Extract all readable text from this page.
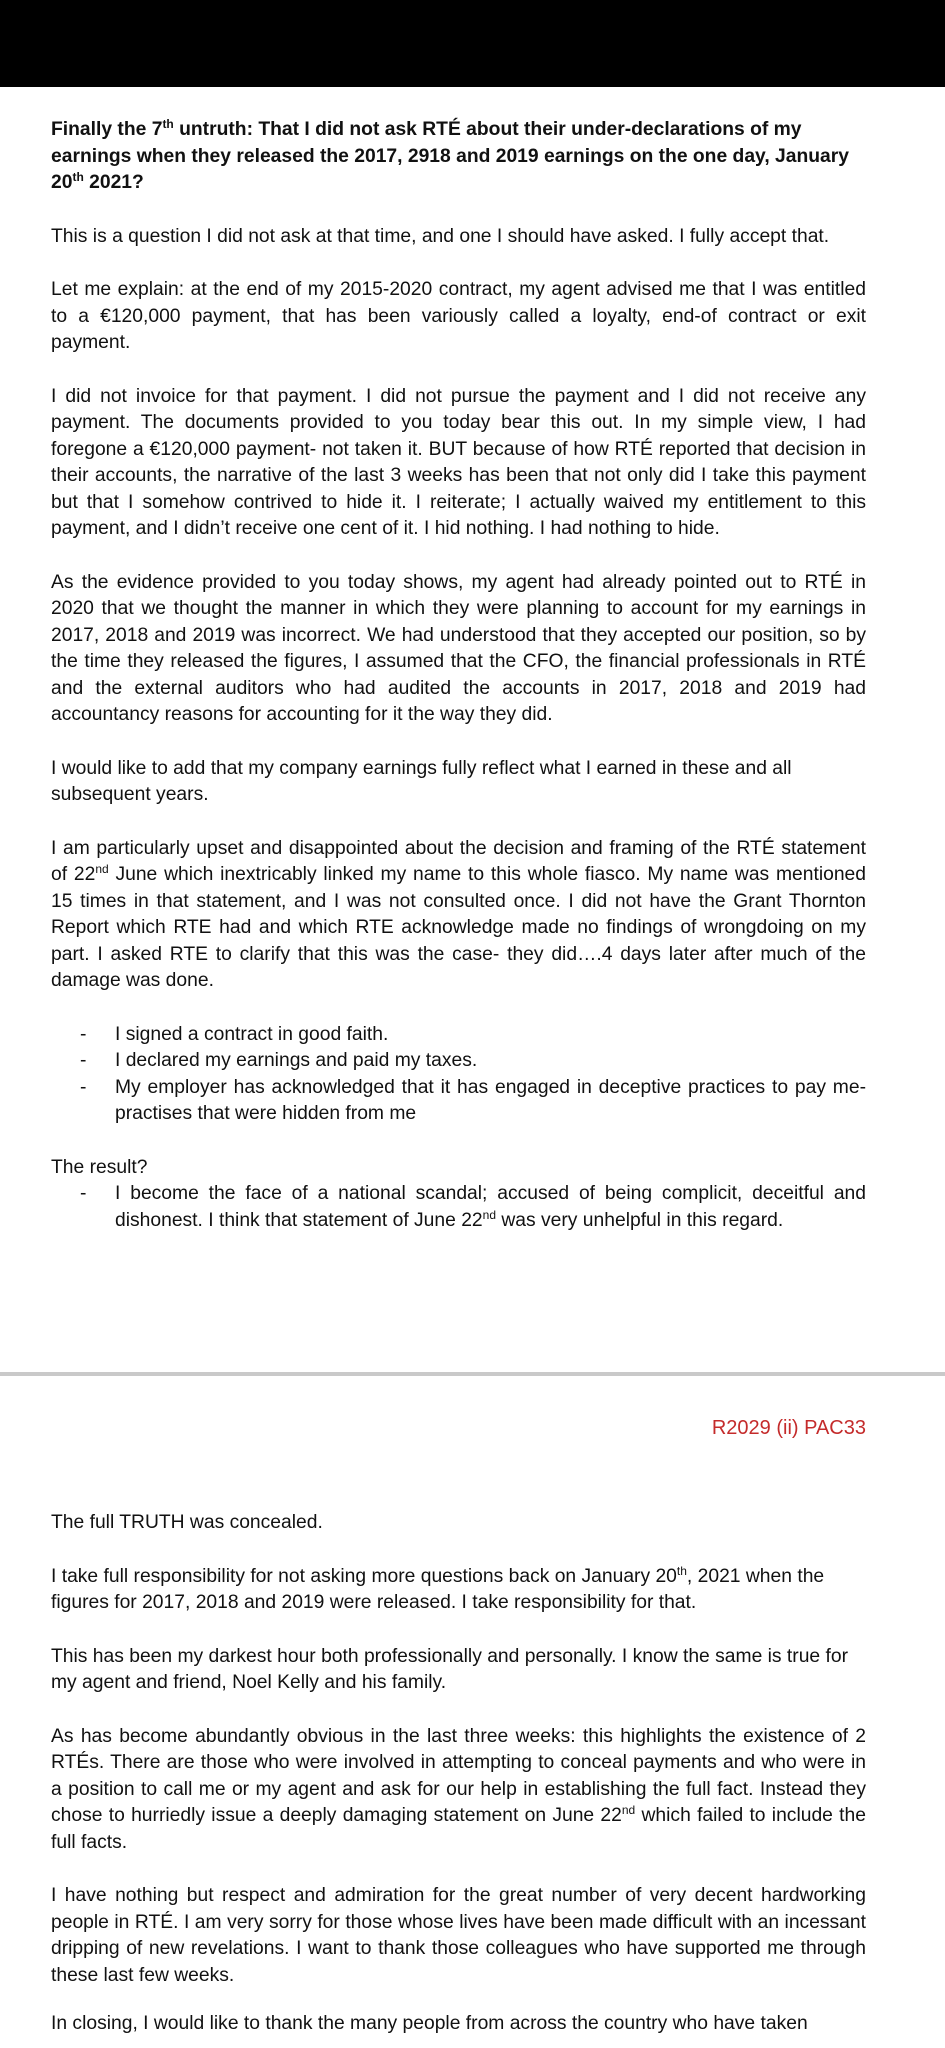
Finally the 7th untruth: That I did not ask RTÉ about their under-declarations of my earnings when they released the 2017, 2918 and 2019 earnings on the one day, January 20th 2021?

This is a question I did not ask at that time, and one I should have asked. I fully accept that.

Let me explain: at the end of my 2015-2020 contract, my agent advised me that I was entitled to a €120,000 payment, that has been variously called a loyalty, end-of contract or exit payment.

I did not invoice for that payment. I did not pursue the payment and I did not receive any payment. The documents provided to you today bear this out. In my simple view, I had foregone a €120,000 payment- not taken it. BUT because of how RTÉ reported that decision in their accounts, the narrative of the last 3 weeks has been that not only did I take this payment but that I somehow contrived to hide it. I reiterate; I actually waived my entitlement to this payment, and I didn’t receive one cent of it. I hid nothing. I had nothing to hide.

As the evidence provided to you today shows, my agent had already pointed out to RTÉ in 2020 that we thought the manner in which they were planning to account for my earnings in 2017, 2018 and 2019 was incorrect. We had understood that they accepted our position, so by the time they released the figures, I assumed that the CFO, the financial professionals in RTÉ and the external auditors who had audited the accounts in 2017, 2018 and 2019 had accountancy reasons for accounting for it the way they did.

I would like to add that my company earnings fully reflect what I earned in these and all subsequent years.

I am particularly upset and disappointed about the decision and framing of the RTÉ statement of 22nd June which inextricably linked my name to this whole fiasco. My name was mentioned 15 times in that statement, and I was not consulted once. I did not have the Grant Thornton Report which RTE had and which RTE acknowledge made no findings of wrongdoing on my part. I asked RTE to clarify that this was the case- they did….4 days later after much of the damage was done.

- I signed a contract in good faith.
- I declared my earnings and paid my taxes.
- My employer has acknowledged that it has engaged in deceptive practices to pay me- practises that were hidden from me
The result?
- I become the face of a national scandal; accused of being complicit, deceitful and dishonest. I think that statement of June 22nd was very unhelpful in this regard.
R2029 (ii) PAC33

The full TRUTH was concealed.

I take full responsibility for not asking more questions back on January 20th, 2021 when the figures for 2017, 2018 and 2019 were released. I take responsibility for that.

This has been my darkest hour both professionally and personally. I know the same is true for my agent and friend, Noel Kelly and his family.

As has become abundantly obvious in the last three weeks: this highlights the existence of 2 RTÉs. There are those who were involved in attempting to conceal payments and who were in a position to call me or my agent and ask for our help in establishing the full fact. Instead they chose to hurriedly issue a deeply damaging statement on June 22nd which failed to include the full facts.

I have nothing but respect and admiration for the great number of very decent hardworking people in RTÉ. I am very sorry for those whose lives have been made difficult with an incessant dripping of new revelations. I want to thank those colleagues who have supported me through these last few weeks.

In closing, I would like to thank the many people from across the country who have taken
